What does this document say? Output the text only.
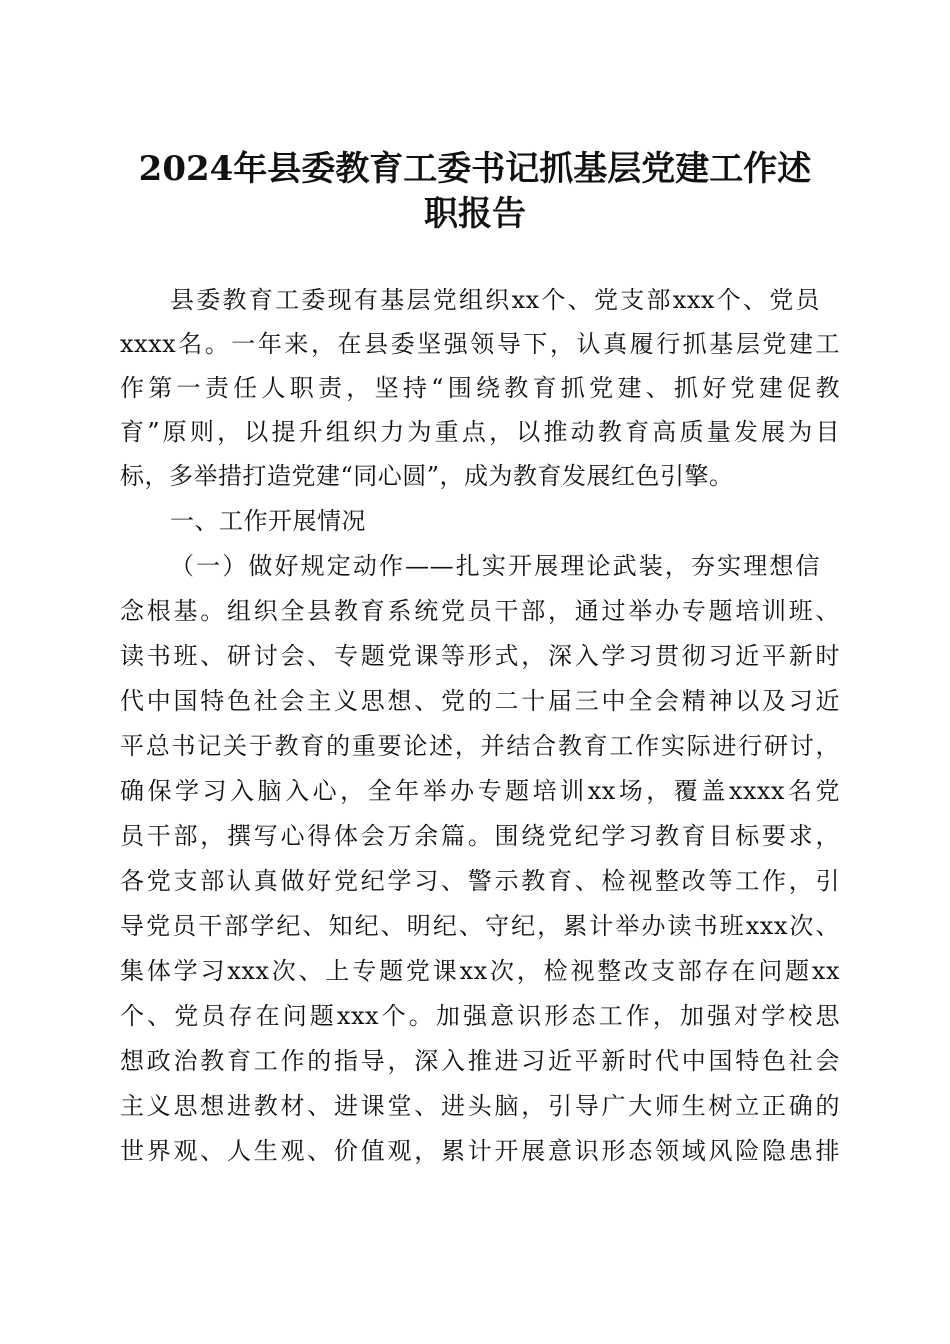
2024年县委教育工委书记抓基层党建工作述
职报告
县委教育工委现有基层党组织xx个、党支部xxx个、党员
xxxx名。一年来，在县委坚强领导下，认真履行抓基层党建工
作第一责任人职责，坚持“围绕教育抓党建、抓好党建促教
育”原则，以提升组织力为重点，以推动教育高质量发展为目
标，多举措打造党建“同心圆”，成为教育发展红色引擎。
一、工作开展情况
（一）做好规定动作——扎实开展理论武装，夯实理想信
念根基。组织全县教育系统党员干部，通过举办专题培训班、
读书班、研讨会、专题党课等形式，深入学习贯彻习近平新时
代中国特色社会主义思想、党的二十届三中全会精神以及习近
平总书记关于教育的重要论述，并结合教育工作实际进行研讨，
确保学习入脑入心，全年举办专题培训xx场，覆盖xxxx名党
员干部，撰写心得体会万余篇。围绕党纪学习教育目标要求，
各党支部认真做好党纪学习、警示教育、检视整改等工作，引
导党员干部学纪、知纪、明纪、守纪，累计举办读书班xxx次、
集体学习xxx次、上专题党课xx次，检视整改支部存在问题xx
个、党员存在问题xxx个。加强意识形态工作，加强对学校思
想政治教育工作的指导，深入推进习近平新时代中国特色社会
主义思想进教材、进课堂、进头脑，引导广大师生树立正确的
世界观、人生观、价值观，累计开展意识形态领域风险隐患排
